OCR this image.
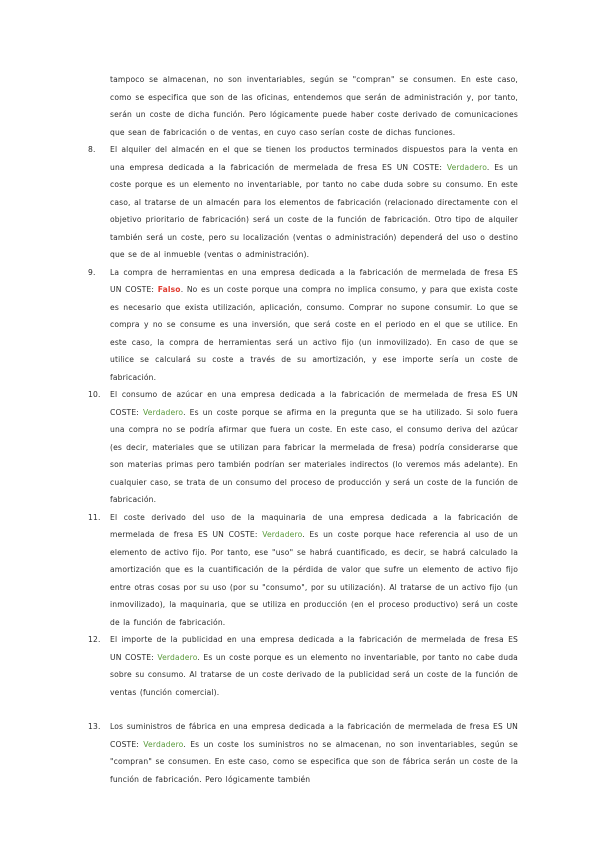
tampoco se almacenan, no son inventariables, según se "compran" se consumen. En este caso, como se especifica que son de las oficinas, entendemos que serán de administración y, por tanto, serán un coste de dicha función. Pero lógicamente puede haber coste derivado de comunicaciones que sean de fabricación o de ventas, en cuyo caso serían coste de dichas funciones.
8.	El alquiler del almacén en el que se tienen los productos terminados dispuestos para la venta en una empresa dedicada a la fabricación de mermelada de fresa ES UN COSTE: Verdadero. Es un coste porque es un elemento no inventariable, por tanto no cabe duda sobre su consumo. En este caso, al tratarse de un almacén para los elementos de fabricación (relacionado directamente con el objetivo prioritario de fabricación) será un coste de la función de fabricación. Otro tipo de alquiler también será un coste, pero su localización (ventas o administración) dependerá del uso o destino que se de al inmueble (ventas o administración).
9.	La compra de herramientas en una empresa dedicada a la fabricación de mermelada de fresa ES UN COSTE: Falso. No es un coste porque una compra no implica consumo, y para que exista coste es necesario que exista utilización, aplicación, consumo. Comprar no supone consumir. Lo que se compra y no se consume es una inversión, que será coste en el periodo en el que se utilice. En este caso, la compra de herramientas será un activo fijo (un inmovilizado). En caso de que se utilice se calculará su coste a través de su amortización, y ese importe sería un coste de fabricación.
10.	El consumo de azúcar en una empresa dedicada a la fabricación de mermelada de fresa ES UN COSTE: Verdadero. Es un coste porque se afirma en la pregunta que se ha utilizado. Si solo fuera una compra no se podría afirmar que fuera un coste. En este caso, el consumo deriva del azúcar (es decir, materiales que se utilizan para fabricar la mermelada de fresa) podría considerarse que son materias primas pero también podrían ser materiales indirectos (lo veremos más adelante). En cualquier caso, se trata de un consumo del proceso de producción y será un coste de la función de fabricación.
11.	El coste derivado del uso de la maquinaria de una empresa dedicada a la fabricación de mermelada de fresa ES UN COSTE: Verdadero. Es un coste porque hace referencia al uso de un elemento de activo fijo. Por tanto, ese "uso" se habrá cuantificado, es decir, se habrá calculado la amortización que es la cuantificación de la pérdida de valor que sufre un elemento de activo fijo entre otras cosas por su uso (por su "consumo", por su utilización). Al tratarse de un activo fijo (un inmovilizado), la maquinaria, que se utiliza en producción (en el proceso productivo) será un coste de la función de fabricación.
12.	El importe de la publicidad en una empresa dedicada a la fabricación de mermelada de fresa ES UN COSTE: Verdadero. Es un coste porque es un elemento no inventariable, por tanto no cabe duda sobre su consumo. Al tratarse de un coste derivado de la publicidad será un coste de la función de ventas (función comercial).
13.	Los suministros de fábrica en una empresa dedicada a la fabricación de mermelada de fresa ES UN COSTE: Verdadero. Es un coste los suministros no se almacenan, no son inventariables, según se "compran" se consumen. En este caso, como se especifica que son de fábrica serán un coste de la función de fabricación. Pero lógicamente también
